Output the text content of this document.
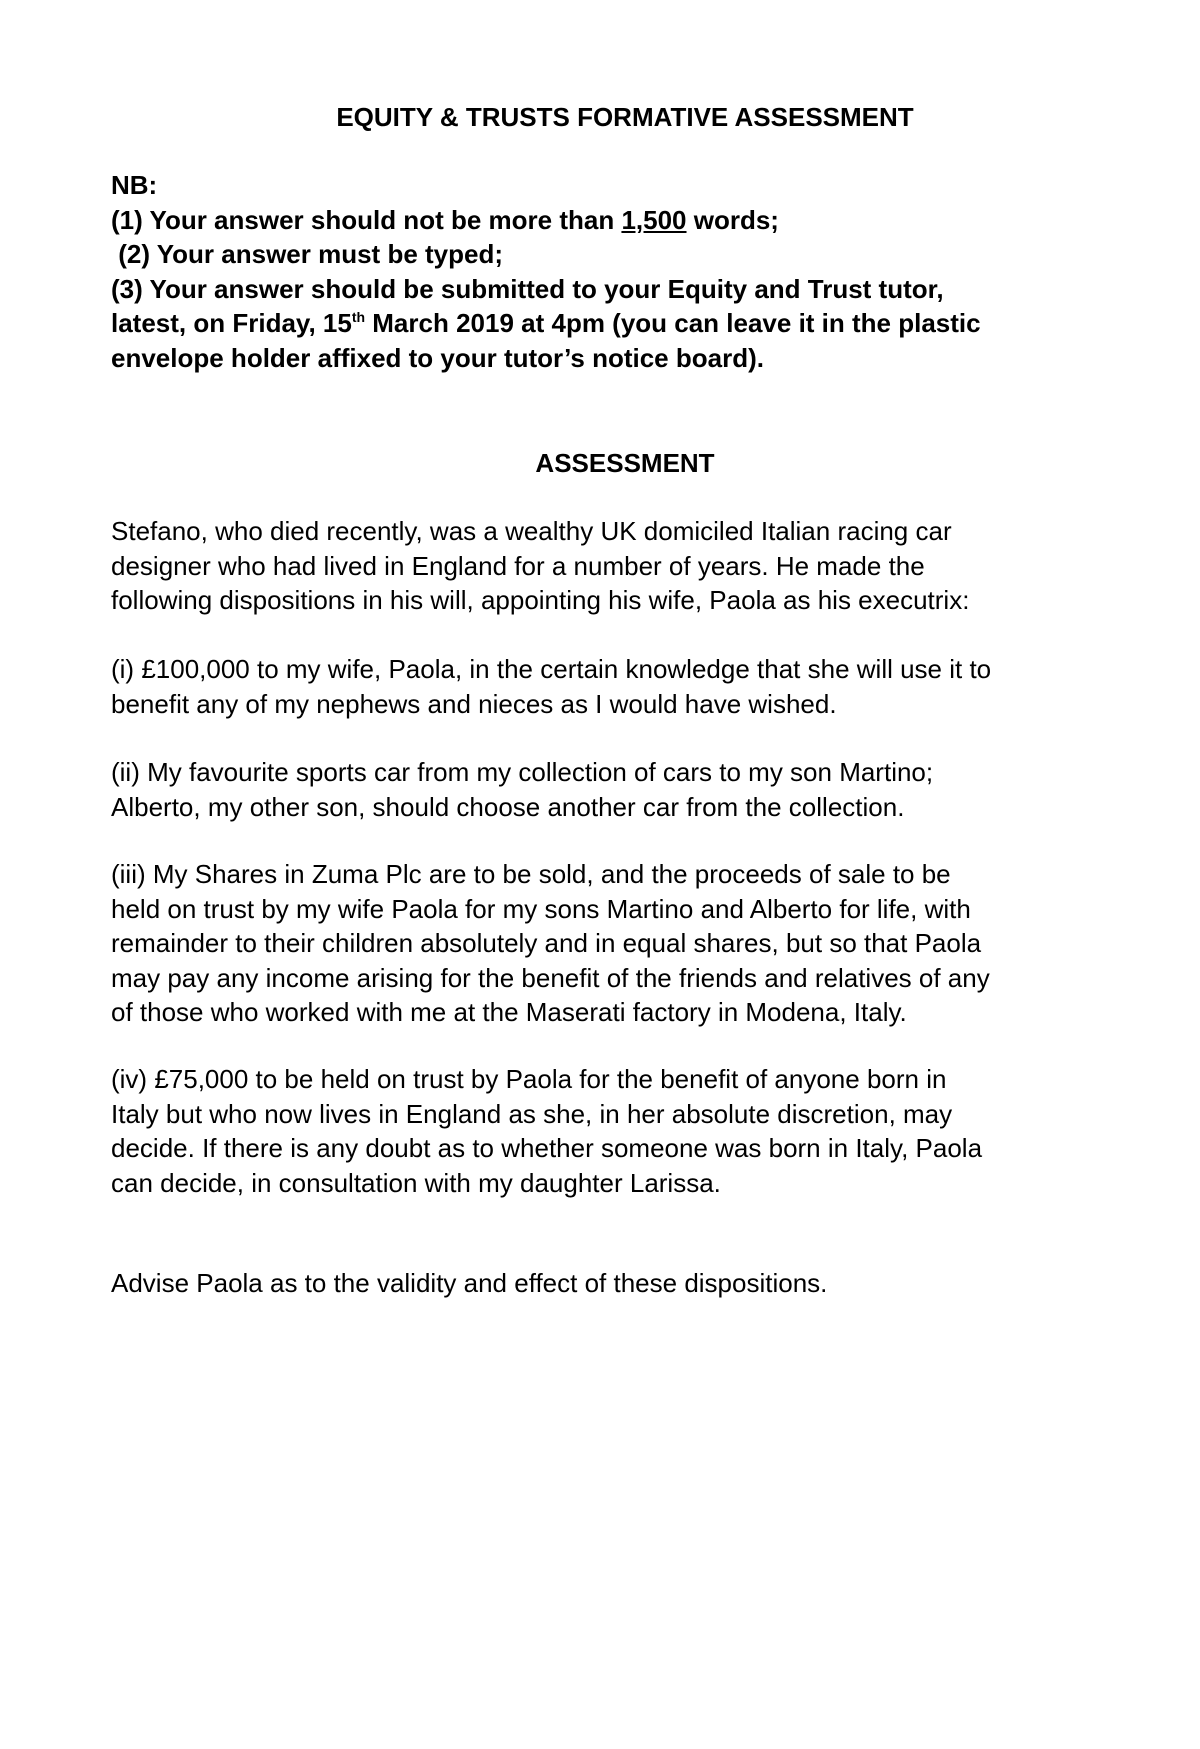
EQUITY & TRUSTS FORMATIVE ASSESSMENT
NB:
(1) Your answer should not be more than 1,500 words;
(2) Your answer must be typed;
(3) Your answer should be submitted to your Equity and Trust tutor,
latest, on Friday, 15th March 2019 at 4pm (you can leave it in the plastic
envelope holder affixed to your tutor’s notice board).
ASSESSMENT

Stefano, who died recently, was a wealthy UK domiciled Italian racing car
designer who had lived in England for a number of years. He made the
following dispositions in his will, appointing his wife, Paola as his executrix:

(i) £100,000 to my wife, Paola, in the certain knowledge that she will use it to
benefit any of my nephews and nieces as I would have wished.

(ii) My favourite sports car from my collection of cars to my son Martino;
Alberto, my other son, should choose another car from the collection.

(iii) My Shares in Zuma Plc are to be sold, and the proceeds of sale to be
held on trust by my wife Paola for my sons Martino and Alberto for life, with
remainder to their children absolutely and in equal shares, but so that Paola
may pay any income arising for the benefit of the friends and relatives of any
of those who worked with me at the Maserati factory in Modena, Italy.

(iv) £75,000 to be held on trust by Paola for the benefit of anyone born in
Italy but who now lives in England as she, in her absolute discretion, may
decide. If there is any doubt as to whether someone was born in Italy, Paola
can decide, in consultation with my daughter Larissa.

Advise Paola as to the validity and effect of these dispositions.
